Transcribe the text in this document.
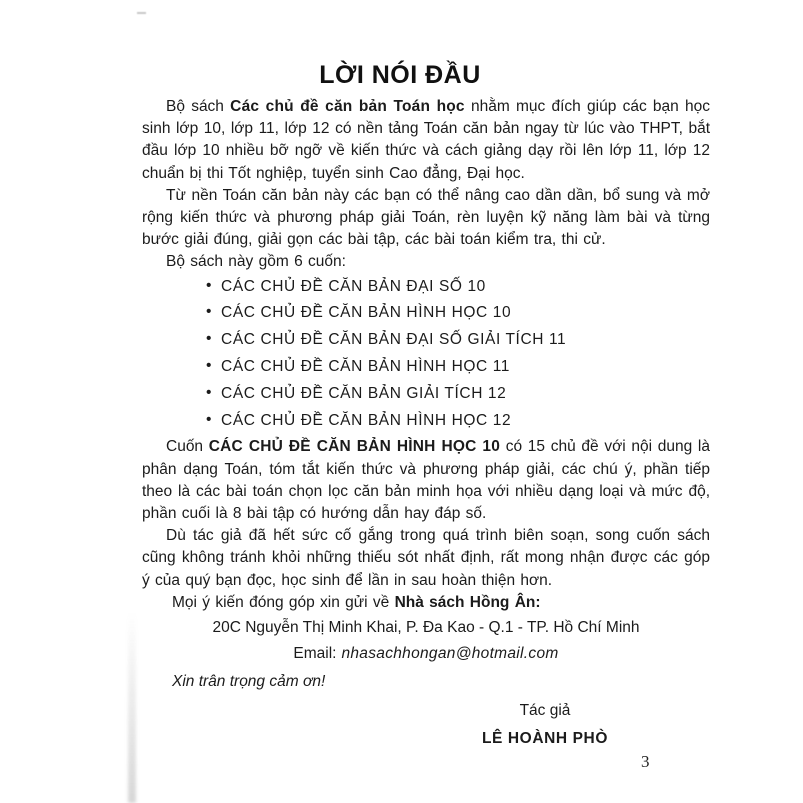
LỜI NÓI ĐẦU

Bộ sách Các chủ đề căn bản Toán học nhằm mục đích giúp các bạn học sinh lớp 10, lớp 11, lớp 12 có nền tảng Toán căn bản ngay từ lúc vào THPT, bắt đầu lớp 10 nhiều bỡ ngỡ về kiến thức và cách giảng dạy rồi lên lớp 11, lớp 12 chuẩn bị thi Tốt nghiệp, tuyển sinh Cao đẳng, Đại học.

Từ nền Toán căn bản này các bạn có thể nâng cao dần dần, bổ sung và mở rộng kiến thức và phương pháp giải Toán, rèn luyện kỹ năng làm bài và từng bước giải đúng, giải gọn các bài tập, các bài toán kiểm tra, thi cử.

Bộ sách này gồm 6 cuốn:

• CÁC CHỦ ĐỀ CĂN BẢN ĐẠI SỐ 10
• CÁC CHỦ ĐỀ CĂN BẢN HÌNH HỌC 10
• CÁC CHỦ ĐỀ CĂN BẢN ĐẠI SỐ GIẢI TÍCH 11
• CÁC CHỦ ĐỀ CĂN BẢN HÌNH HỌC 11
• CÁC CHỦ ĐỀ CĂN BẢN GIẢI TÍCH 12
• CÁC CHỦ ĐỀ CĂN BẢN HÌNH HỌC 12

Cuốn CÁC CHỦ ĐỀ CĂN BẢN HÌNH HỌC 10 có 15 chủ đề với nội dung là phân dạng Toán, tóm tắt kiến thức và phương pháp giải, các chú ý, phần tiếp theo là các bài toán chọn lọc căn bản minh họa với nhiều dạng loại và mức độ, phần cuối là 8 bài tập có hướng dẫn hay đáp số.

Dù tác giả đã hết sức cố gắng trong quá trình biên soạn, song cuốn sách cũng không tránh khỏi những thiếu sót nhất định, rất mong nhận được các góp ý của quý bạn đọc, học sinh để lần in sau hoàn thiện hơn.

Mọi ý kiến đóng góp xin gửi về Nhà sách Hồng Ân:

20C Nguyễn Thị Minh Khai, P. Đa Kao - Q.1 - TP. Hồ Chí Minh
Email: nhasachhongan@hotmail.com

Xin trân trọng cảm ơn!

Tác giả
LÊ HOÀNH PHÒ
3
